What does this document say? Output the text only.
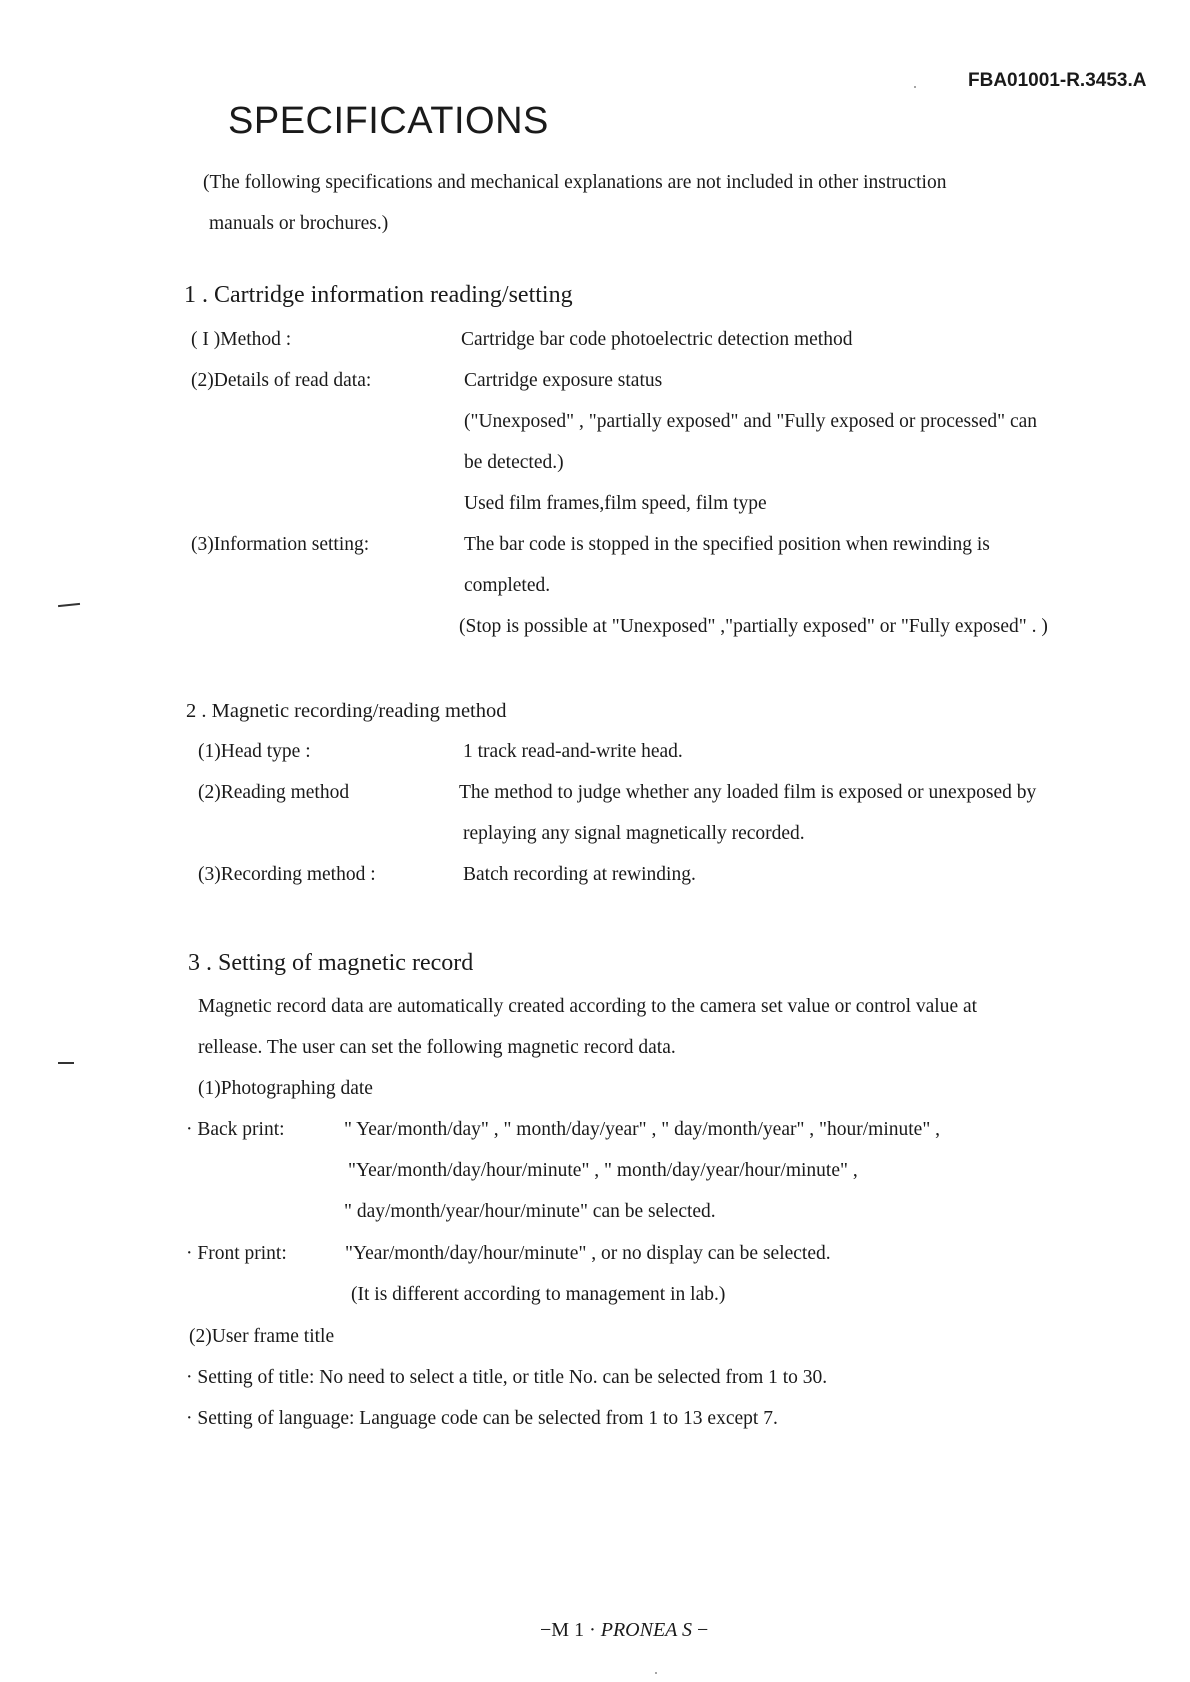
FBA01001-R.3453.A
SPECIFICATIONS
(The following specifications and mechanical explanations are not included in other instruction
manuals or brochures.)
1 . Cartridge information reading/setting
( I )Method :	Cartridge bar code photoelectric detection method
(2)Details of read data:	Cartridge exposure status
("Unexposed" , "partially exposed" and "Fully exposed or processed" can
be detected.)
Used film frames,film speed, film type
(3)Information setting:	The bar code is stopped in the specified position when rewinding is
completed.
(Stop is possible at "Unexposed" ,"partially exposed" or "Fully exposed" . )
2 . Magnetic recording/reading method
(1)Head type :	1 track read-and-write head.
(2)Reading method	The method to judge whether any loaded film is exposed or unexposed by
replaying any signal magnetically recorded.
(3)Recording method :	Batch recording at rewinding.
3 . Setting of magnetic record
Magnetic record data are automatically created according to the camera set value or control value at
rellease. The user can set the following magnetic record data.
(1)Photographing date
· Back print:	" Year/month/day" , " month/day/year" , " day/month/year" , "hour/minute" ,
"Year/month/day/hour/minute" , " month/day/year/hour/minute" ,
" day/month/year/hour/minute" can be selected.
· Front print:	"Year/month/day/hour/minute" , or no display can be selected.
(It is different according to management in lab.)
(2)User frame title
· Setting of title: No need to select a title, or title No. can be selected from 1 to 30.
· Setting of language: Language code can be selected from 1 to 13 except 7.
−M 1 · PRONEA S −
